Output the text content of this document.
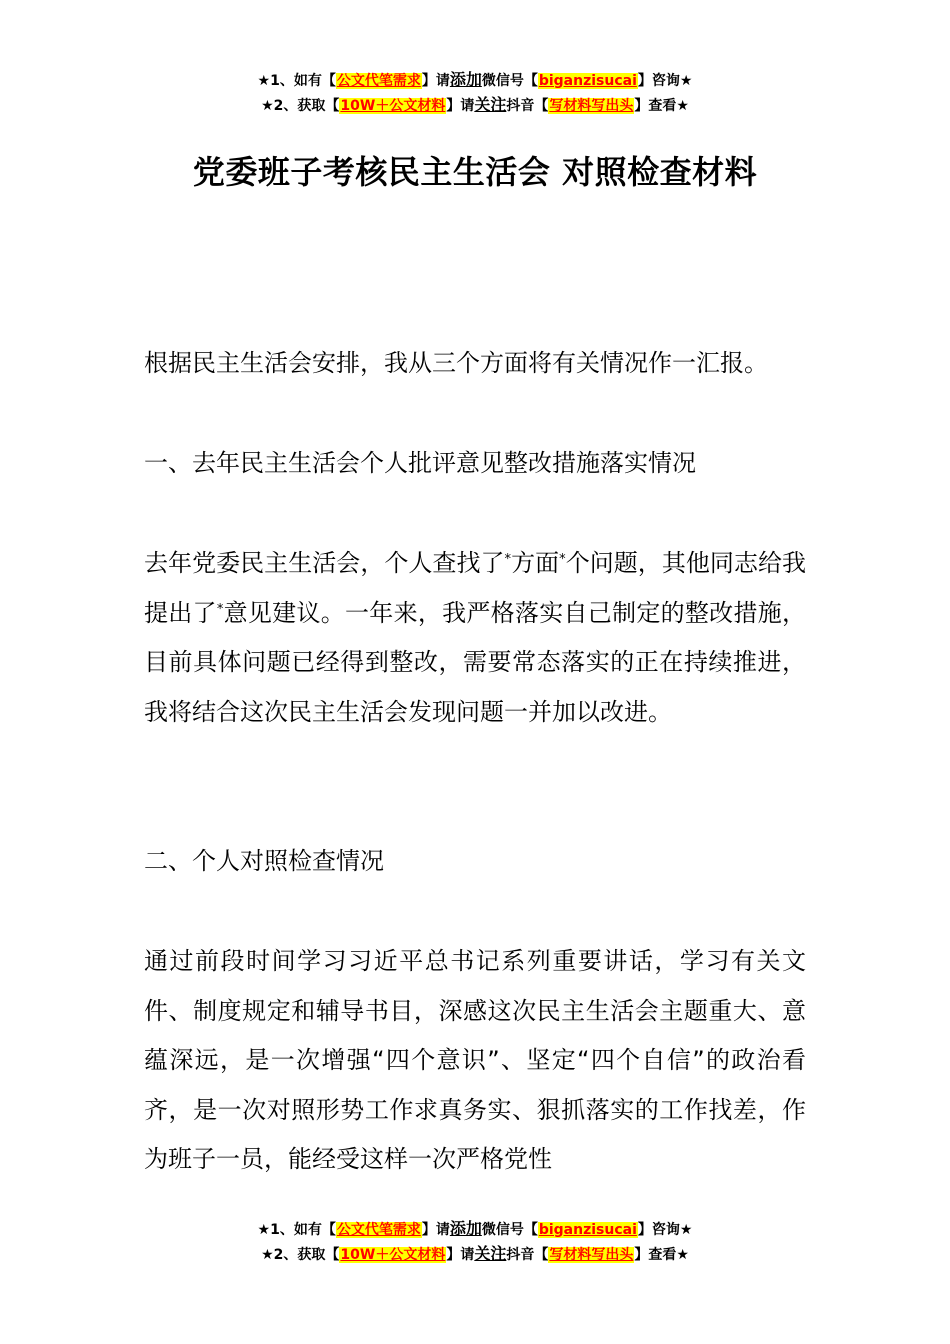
★1、如有【公文代笔需求】请添加微信号【biganzisucai】咨询★
★2、获取【10W＋公文材料】请关注抖音【写材料写出头】查看★
党委班子考核民主生活会 对照检查材料

根据民主生活会安排，我从三个方面将有关情况作一汇报。

一、去年民主生活会个人批评意见整改措施落实情况

去年党委民主生活会，个人查找了*方面*个问题，其他同志给我提出了*意见建议。一年来，我严格落实自己制定的整改措施，目前具体问题已经得到整改，需要常态落实的正在持续推进，我将结合这次民主生活会发现问题一并加以改进。

二、个人对照检查情况

通过前段时间学习习近平总书记系列重要讲话，学习有关文件、制度规定和辅导书目，深感这次民主生活会主题重大、意蕴深远，是一次增强“四个意识”、坚定“四个自信”的政治看齐，是一次对照形势工作求真务实、狠抓落实的工作找差，作为班子一员，能经受这样一次严格党性

★1、如有【公文代笔需求】请添加微信号【biganzisucai】咨询★
★2、获取【10W＋公文材料】请关注抖音【写材料写出头】查看★
